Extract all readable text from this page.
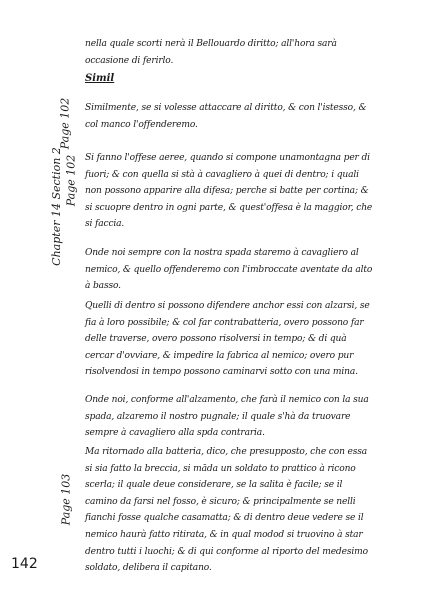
Page 102
Chapter 14 Section 2 Page 102
Page 103
nella quale scorti nerà il Bellouardo diritto; all'hora sarà occasione di ferirlo.
Simil
Similmente, se si volesse attaccare al diritto, & con l'istesso, & col manco l'offenderemo.
Si fanno l'offese aeree, quando si compone unamontagna per di fuori; & con quella si stà à cavagliero à quei di dentro; i quali non possono apparire alla difesa; perche si batte per cortina; & si scuopre dentro in ogni parte, & quest'offesa è la maggior, che si faccia.
Onde noi sempre con la nostra spada staremo à cavagliero al nemico, & quello offenderemo con l'imbroccate aventate da alto à basso.
Quelli di dentro si possono difendere anchor essi con alzarsi, se fia à loro possibile; & col far contrabatteria, overo possono far delle traverse, overo possono risolversi in tempo; & di quà cercar d'ovviare, & impedire la fabrica al nemico; overo pur risolvendosi in tempo possono caminarvi sotto con una mina.
Onde noi, conforme all'alzamento, che farà il nemico con la sua spada, alzaremo il nostro pugnale; il quale s'hà da truovare sempre à cavagliero alla spda contraria.
Ma ritornado alla batteria, dico, che presupposto, che con essa si sia fatto la breccia, si māda un soldato to prattico à ricono scerla; il quale deue considerare, se la salita è facile; se il camino da farsi nel fosso, è sicuro; & principalmente se nelli fianchi fosse qualche casamatta; & di dentro deue vedere se il nemico haurà fatto ritirata, & in qual modod si truovino à star dentro tutti i luochi; & di qui conforme al riporto del medesimo soldato, delibera il capitano.
142
